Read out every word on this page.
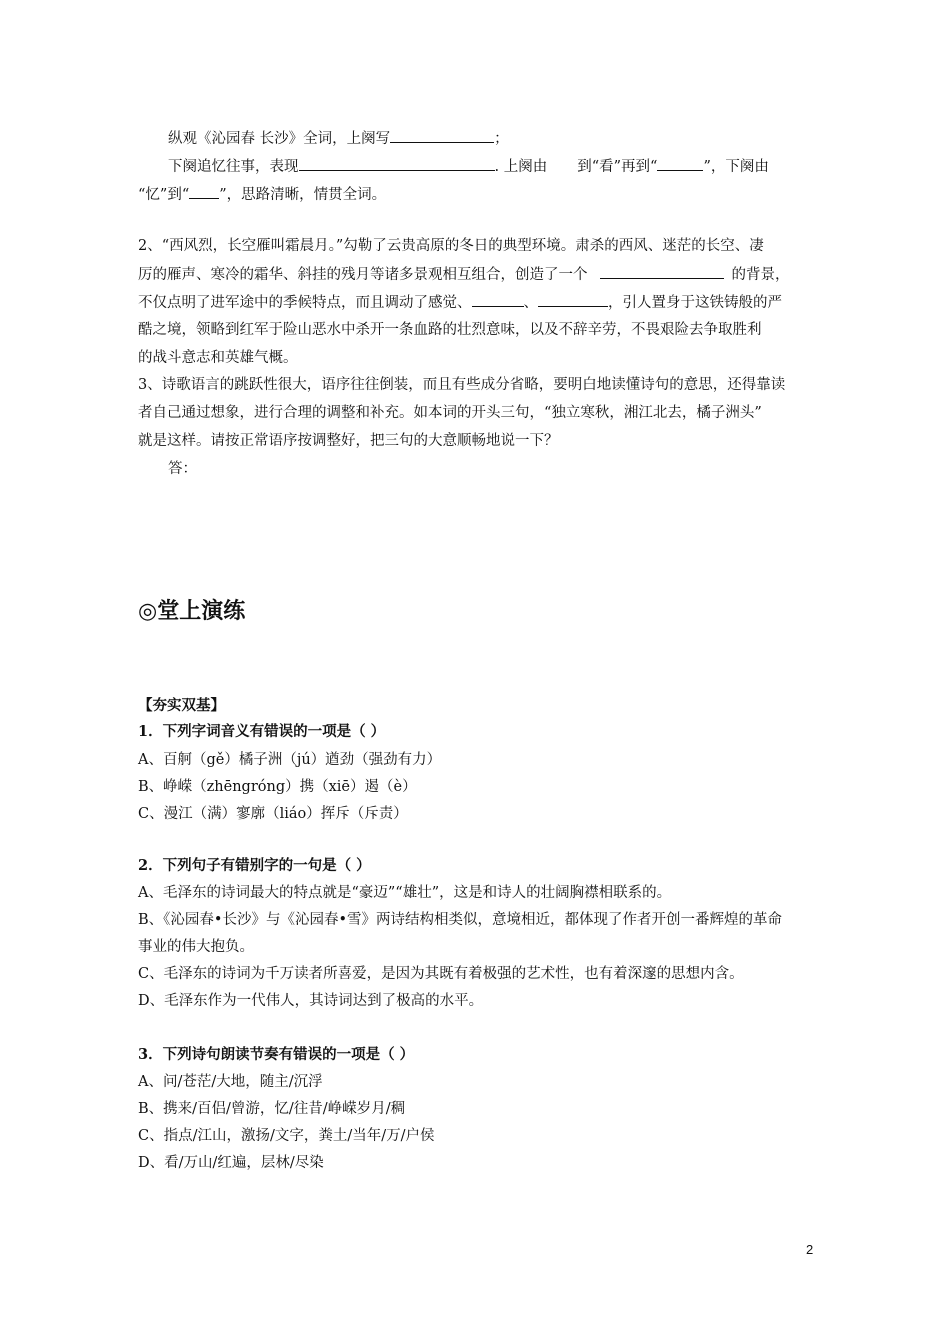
纵观《沁园春 长沙》全词，上阕写	；
下阕追忆往事，表现	. 上阕由 到“看”再到“	”，下阕由
“忆”到“ ”，思路清晰，情贯全词。
2、“西风烈，长空雁叫霜晨月。”勾勒了云贵高原的冬日的典型环境。肃杀的西风、迷茫的长空、凄
厉的雁声、寒冷的霜华、斜挂的残月等诸多景观相互组合，创造了一个	的背景，
不仅点明了进军途中的季候特点，而且调动了感觉、	、	，引人置身于这铁铸般的严
酷之境，领略到红军于险山恶水中杀开一条血路的壮烈意味，以及不辞辛劳，不畏艰险去争取胜利
的战斗意志和英雄气概。
3、诗歌语言的跳跃性很大，语序往往倒装，而且有些成分省略，要明白地读懂诗句的意思，还得靠读
者自己通过想象，进行合理的调整和补充。如本词的开头三句，“独立寒秋，湘江北去，橘子洲头”
就是这样。请按正常语序按调整好，把三句的大意顺畅地说一下？
答：
◎堂上演练
【夯实双基】
1．下列字词音义有错误的一项是（ ）
A、百舸（gě）橘子洲（jú）遒劲（强劲有力）
B、峥嵘（zhēngróng）携（xiē）遏（è）
C、漫江（满）寥廓（liáo）挥斥（斥责）
2．下列句子有错别字的一句是（ ）
A、毛泽东的诗词最大的特点就是“豪迈”“雄壮”，这是和诗人的壮阔胸襟相联系的。
B、《沁园春•长沙》与《沁园春•雪》两诗结构相类似，意境相近，都体现了作者开创一番辉煌的革命
事业的伟大抱负。
C、毛泽东的诗词为千万读者所喜爱，是因为其既有着极强的艺术性，也有着深邃的思想内含。
D、毛泽东作为一代伟人，其诗词达到了极高的水平。
3．下列诗句朗读节奏有错误的一项是（ ）
A、问/苍茫/大地，随主/沉浮
B、携来/百侣/曾游，忆/往昔/峥嵘岁月/稠
C、指点/江山，激扬/文字，粪土/当年/万/户侯
D、看/万山/红遍，层林/尽染
2
